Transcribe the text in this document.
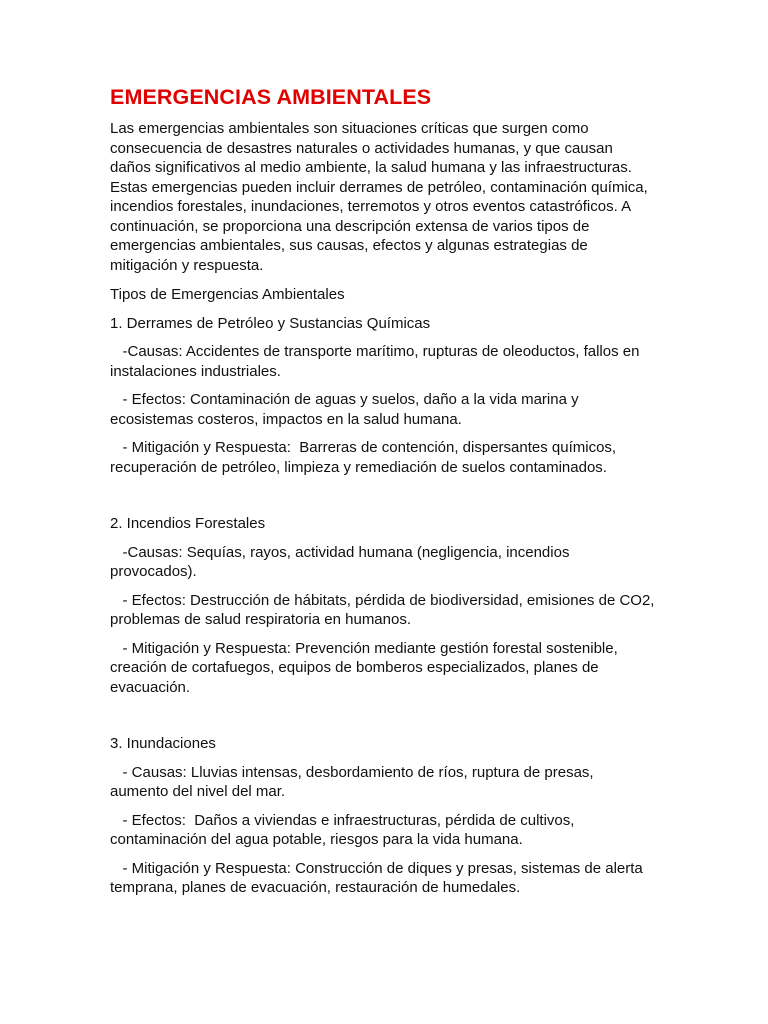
EMERGENCIAS AMBIENTALES

Las emergencias ambientales son situaciones críticas que surgen como consecuencia de desastres naturales o actividades humanas, y que causan daños significativos al medio ambiente, la salud humana y las infraestructuras. Estas emergencias pueden incluir derrames de petróleo, contaminación química, incendios forestales, inundaciones, terremotos y otros eventos catastróficos. A continuación, se proporciona una descripción extensa de varios tipos de emergencias ambientales, sus causas, efectos y algunas estrategias de mitigación y respuesta.

Tipos de Emergencias Ambientales

1. Derrames de Petróleo y Sustancias Químicas

-Causas: Accidentes de transporte marítimo, rupturas de oleoductos, fallos en instalaciones industriales.

- Efectos: Contaminación de aguas y suelos, daño a la vida marina y ecosistemas costeros, impactos en la salud humana.

- Mitigación y Respuesta:  Barreras de contención, dispersantes químicos, recuperación de petróleo, limpieza y remediación de suelos contaminados.

2. Incendios Forestales

-Causas: Sequías, rayos, actividad humana (negligencia, incendios provocados).

- Efectos: Destrucción de hábitats, pérdida de biodiversidad, emisiones de CO2, problemas de salud respiratoria en humanos.

- Mitigación y Respuesta: Prevención mediante gestión forestal sostenible, creación de cortafuegos, equipos de bomberos especializados, planes de evacuación.

3. Inundaciones

- Causas: Lluvias intensas, desbordamiento de ríos, ruptura de presas, aumento del nivel del mar.

- Efectos:  Daños a viviendas e infraestructuras, pérdida de cultivos, contaminación del agua potable, riesgos para la vida humana.

- Mitigación y Respuesta: Construcción de diques y presas, sistemas de alerta temprana, planes de evacuación, restauración de humedales.
